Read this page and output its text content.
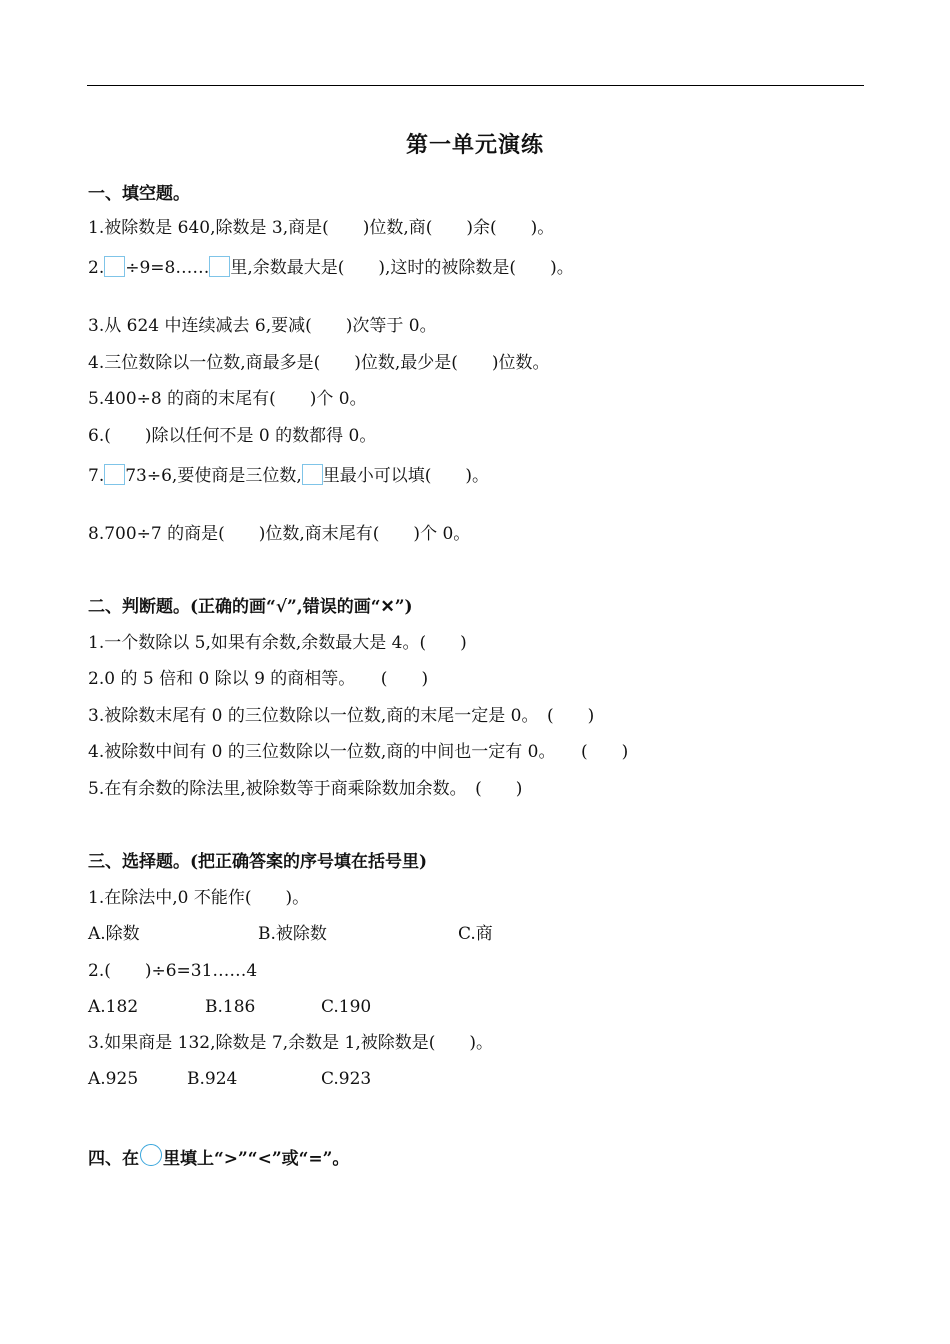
第一单元演练
一、填空题。
1.被除数是 640,除数是 3,商是(　　)位数,商(　　)余(　　)。
2. ÷9=8…… 里,余数最大是(　　),这时的被除数是(　　)。
3.从 624 中连续减去 6,要减(　　)次等于 0。
4.三位数除以一位数,商最多是(　　)位数,最少是(　　)位数。
5.400÷8 的商的末尾有(　　)个 0。
6.(　　)除以任何不是 0 的数都得 0。
7. 73÷6,要使商是三位数, 里最小可以填(　　)。
8.700÷7 的商是(　　)位数,商末尾有(　　)个 0。
二、判断题。(正确的画“√”,错误的画“✕”)
1.一个数除以 5,如果有余数,余数最大是 4。(　　)
2.0 的 5 倍和 0 除以 9 的商相等。　　(　　)
3.被除数末尾有 0 的三位数除以一位数,商的末尾一定是 0。　(　　)
4.被除数中间有 0 的三位数除以一位数,商的中间也一定有 0。　　(　　)
5.在有余数的除法里,被除数等于商乘除数加余数。　(　　)
三、选择题。(把正确答案的序号填在括号里)
1.在除法中,0 不能作(　　)。
A.除数	B.被除数	C.商
2.(　　)÷6=31……4
A.182	B.186	C.190
3.如果商是 132,除数是 7,余数是 1,被除数是(　　)。
A.925	B.924	C.923
四、在 里填上“>”“<”或“=”。
